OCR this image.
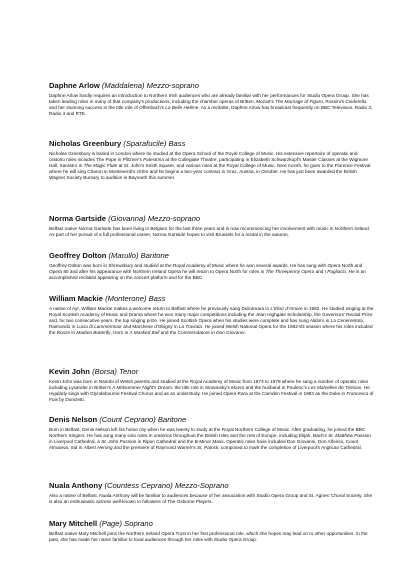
Daphne Arlow (Maddalena) Mezzo-soprano
Daphne Arlow hardly requires an introduction to Northern Irish audiences who are already familiar with her performances for Studio Opera Group. She has taken leading roles in many of that company's productions, including the chamber operas of Britten, Mozart's The Marriage of Figaro, Rossini's Cinderella and her stunning success in the title role of Offenbach's La Belle Helène. As a recitalist, Daphne Arlow has broadcast frequently on BBC Television, Radio 3, Radio 4 and RTE.
Nicholas Greenbury (Sparafucile) Bass
Nicholas Greenbury is based in London where he studied at the Opera School of the Royal College of Music. His extensive repertoire of operatic and oratorio roles includes The Pope in Pfitzner's Palestrina at the Collegiate Theatre, participating in Elizabeth Schwarzkopf's Master Classes at the Wigmore Hall, Sarastro in The Magic Flute at St. John's Smith Square, and various roles at the Royal College of Music. Next month, he goes to the Florence Festival where he will sing Charon in Monteverdi's Orfeo and he begins a two-year contract in Graz, Austria, in October. He has just been awarded the British Wagner Society Bursary to audition in Bayreuth this summer.
Norma Gartside (Giovanna) Mezzo-soprano
Belfast native Norma Gartside has been living in Belgium for the last three years and is now recommencing her involvement with music in Northern Ireland. As part of her pursuit of a full professional career, Norma Gartside hopes to visit Brussels for a recital in the autumn.
Geoffrey Dolton (Marullo) Baritone
Geoffrey Dolton was born in Shrewsbury and studied at the Royal Academy of Music where he won several awards. He has sung with Opera North and Opera 80 and after his appearance with Northern Ireland Opera he will return to Opera North for roles in The Threepenny Opera and I Pagliacci. He is an accomplished recitalist appearing on the concert platform and for the BBC.
William Mackie (Monterone) Bass
A native of Ayr, William Mackie makes a welcome return to Belfast where he previously sang Dulcamara in L'Elisir d'Amore in 1982. He studied singing at the Royal Scottish Academy of Music and Drama where he won many major competitions including the Jean Highgate Scholarship, the Governors' Recital Prize and, for two consecutive years, the top singing prize. He joined Scottish Opera when his studies were complete and has sung Alidoro in La Cenerentola, Raimondo in Lucia di Lammermoor and Marchese d'Obigny in La Traviata. He joined Welsh National Opera for the 1982-83 season where his roles included the Bonze in Madam Butterfly, Horn in A Masked Ball and the Commendatore in Don Giovanni.
Kevin John (Borsa) Tenor
Kevin John was born in Nairobi of Welsh parents and studied at the Royal Academy of Music from 1973 to 1978 where he sang a number of operatic roles including Lysander in Britten's A Midsummer Night's Dream, the title role in Stravinsky's Mavra and the husband in Poulenc's Les Mamelles de Tirésias. He regularly sings with Glyndebourne Festival Chorus and as an understudy. He joined Opera Rara at the Camden Festival in 1983 as the Duke in Francesca di Foix by Donizetti.
Denis Nelson (Count Ceprano) Baritone
Born in Belfast, Denis Nelson left his home city when he was twenty to study at the Royal Northern College of Music. After graduating, he joined the BBC Northern Singers. He has sung many solo roles in oratorios throughout the British Isles and the rest of Europe, including Elijah, Bach's St. Matthew Passion in Liverpool Cathedral, a St. John Passion in Ripon Cathedral and the B-Minor Mass. Operatic roles have included Don Giovanni, Don Alfonso, Count Almaviva, Sid in Albert Herring and the premiere of Raymond Warren's St. Patrick, composed to mark the completion of Liverpool's Anglican Cathedral.
Nuala Anthony (Countess Ceprano) Mezzo-Soprano
Also a native of Belfast, Nuala Anthony will be familiar to audiences because of her association with Studio Opera Group and St. Agnes' Choral Society. She is also an enthusiastic actress well-known to followers of The Osborne Players.
Mary Mitchell (Page) Soprano
Belfast native Mary Mitchell joins the Northern Ireland Opera Trust in her first professional role, which she hopes may lead on to other opportunities. In the past, she has made her name familiar to local audiences through her roles with Studio Opera Group.
